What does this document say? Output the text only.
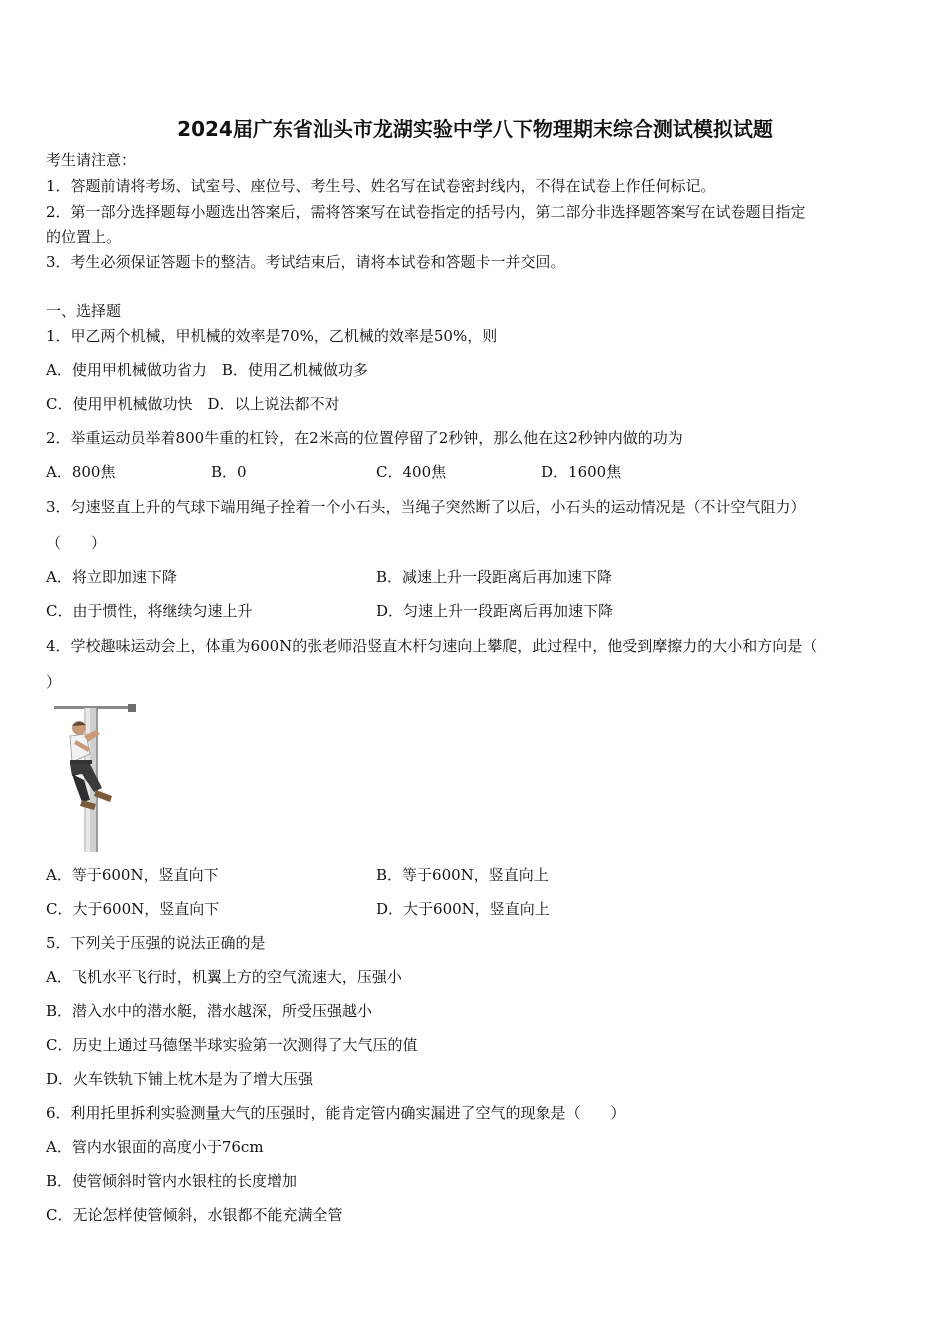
2024届广东省汕头市龙湖实验中学八下物理期末综合测试模拟试题
考生请注意：
1．答题前请将考场、试室号、座位号、考生号、姓名写在试卷密封线内，不得在试卷上作任何标记。
2．第一部分选择题每小题选出答案后，需将答案写在试卷指定的括号内，第二部分非选择题答案写在试卷题目指定
的位置上。
3．考生必须保证答题卡的整洁。考试结束后，请将本试卷和答题卡一并交回。
一、选择题
1．甲乙两个机械，甲机械的效率是70%，乙机械的效率是50%，则
A．使用甲机械做功省力　B．使用乙机械做功多
C．使用甲机械做功快　D．以上说法都不对
2．举重运动员举着800牛重的杠铃，在2米高的位置停留了2秒钟，那么他在这2秒钟内做的功为
A．800焦	B．0	C．400焦	D．1600焦
3．匀速竖直上升的气球下端用绳子拴着一个小石头，当绳子突然断了以后，小石头的运动情况是（不计空气阻力）
（　　）
A．将立即加速下降	B．减速上升一段距离后再加速下降
C．由于惯性，将继续匀速上升	D．匀速上升一段距离后再加速下降
4．学校趣味运动会上，体重为600N的张老师沿竖直木杆匀速向上攀爬，此过程中，他受到摩擦力的大小和方向是（
）
A．等于600N，竖直向下	B．等于600N，竖直向上
C．大于600N，竖直向下	D．大于600N，竖直向上
5．下列关于压强的说法正确的是
A．飞机水平飞行时，机翼上方的空气流速大，压强小
B．潜入水中的潜水艇，潜水越深，所受压强越小
C．历史上通过马德堡半球实验第一次测得了大气压的值
D．火车铁轨下铺上枕木是为了增大压强
6．利用托里拆利实验测量大气的压强时，能肯定管内确实漏进了空气的现象是（　　）
A．管内水银面的高度小于76cm
B．使管倾斜时管内水银柱的长度增加
C．无论怎样使管倾斜，水银都不能充满全管
